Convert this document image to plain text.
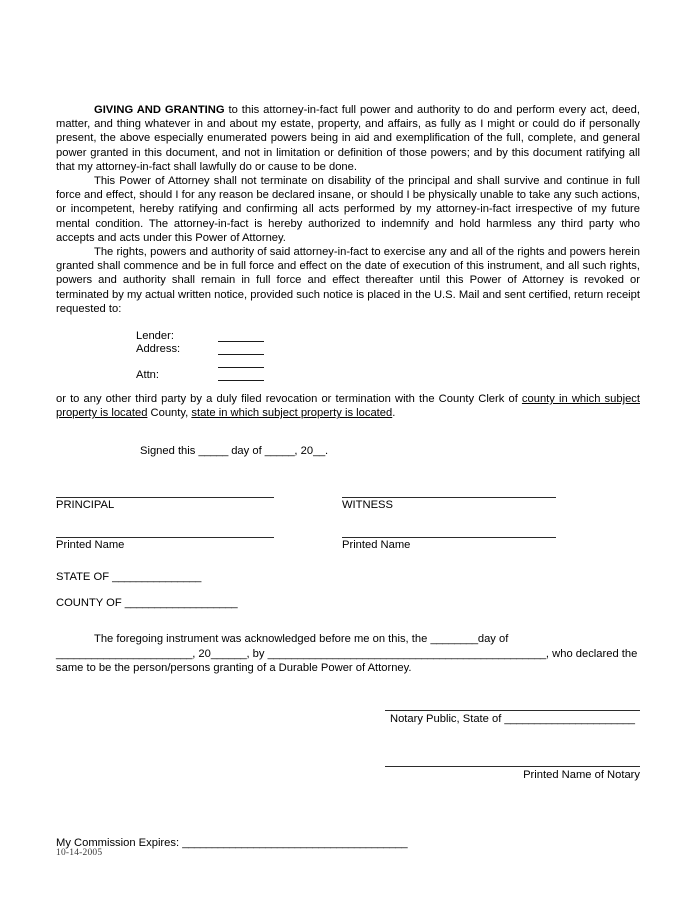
GIVING AND GRANTING to this attorney-in-fact full power and authority to do and perform every act, deed, matter, and thing whatever in and about my estate, property, and affairs, as fully as I might or could do if personally present, the above especially enumerated powers being in aid and exemplification of the full, complete, and general power granted in this document, and not in limitation or definition of those powers; and by this document ratifying all that my attorney-in-fact shall lawfully do or cause to be done.

This Power of Attorney shall not terminate on disability of the principal and shall survive and continue in full force and effect, should I for any reason be declared insane, or should I be physically unable to take any such actions, or incompetent, hereby ratifying and confirming all acts performed by my attorney-in-fact irrespective of my future mental condition. The attorney-in-fact is hereby authorized to indemnify and hold harmless any third party who accepts and acts under this Power of Attorney.

The rights, powers and authority of said attorney-in-fact to exercise any and all of the rights and powers herein granted shall commence and be in full force and effect on the date of execution of this instrument, and all such rights, powers and authority shall remain in full force and effect thereafter until this Power of Attorney is revoked or terminated by my actual written notice, provided such notice is placed in the U.S. Mail and sent certified, return receipt requested to:

Lender:
Address:
Attn:

or to any other third party by a duly filed revocation or termination with the County Clerk of county in which subject property is located County, state in which subject property is located.

Signed this _____ day of _____, 20__.
PRINCIPAL	WITNESS
Printed Name	Printed Name
STATE OF _______________
COUNTY OF ___________________

The foregoing instrument was acknowledged before me on this, the ________day of

_______________________, 20______, by _______________________________________________, who declared the

same to be the person/persons granting of a Durable Power of Attorney.

Notary Public, State of ______________________
Printed Name of Notary
My Commission Expires: ______________________________________
10-14-2005
